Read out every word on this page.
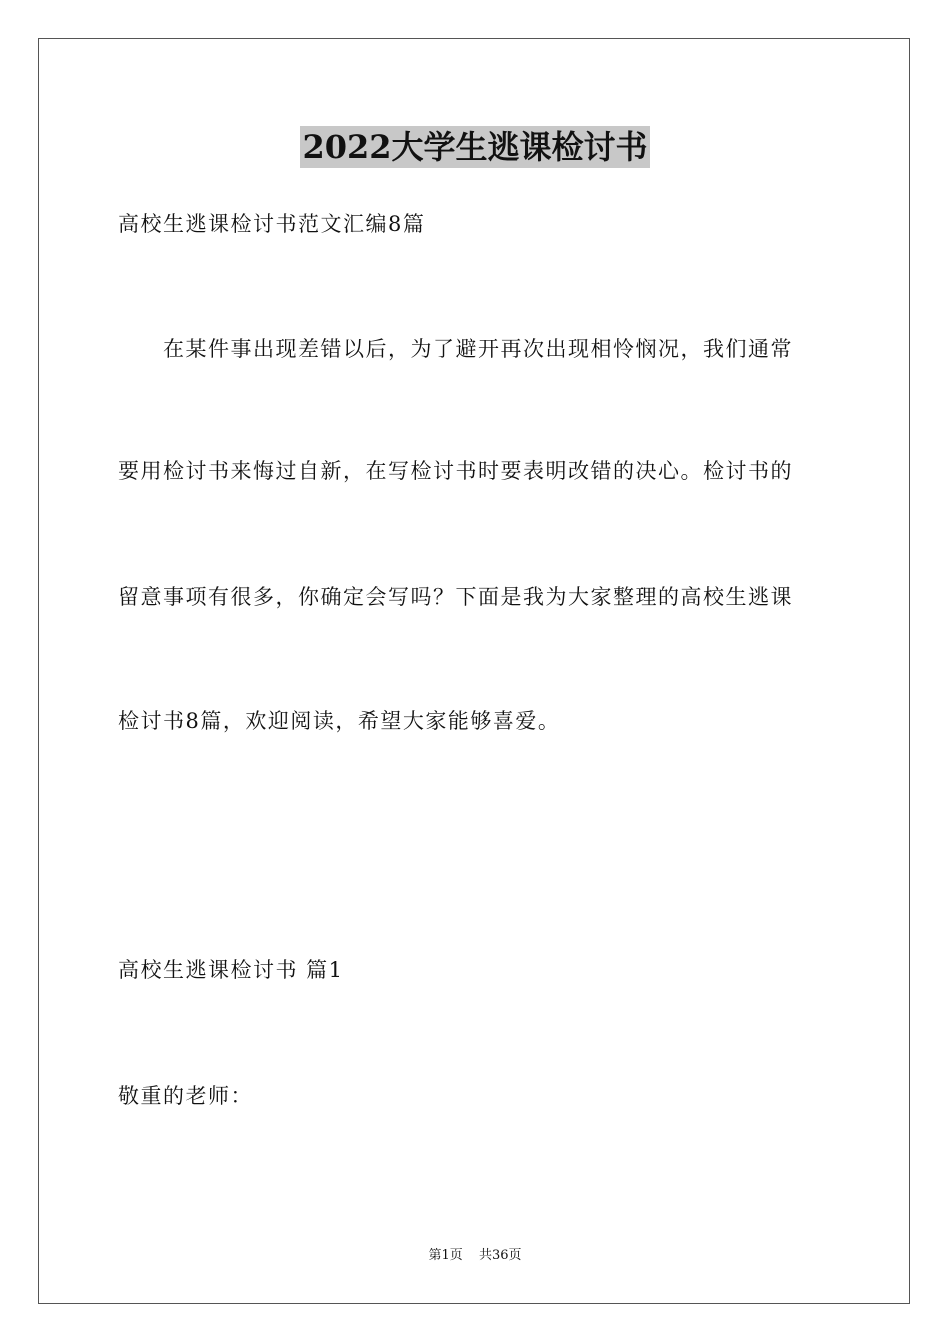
2022大学生逃课检讨书
高校生逃课检讨书范文汇编8篇
在某件事出现差错以后，为了避开再次出现相怜悯况，我们通常
要用检讨书来悔过自新，在写检讨书时要表明改错的决心。检讨书的
留意事项有很多，你确定会写吗？下面是我为大家整理的高校生逃课
检讨书8篇，欢迎阅读，希望大家能够喜爱。
高校生逃课检讨书 篇1
敬重的老师：
第1页 共36页
